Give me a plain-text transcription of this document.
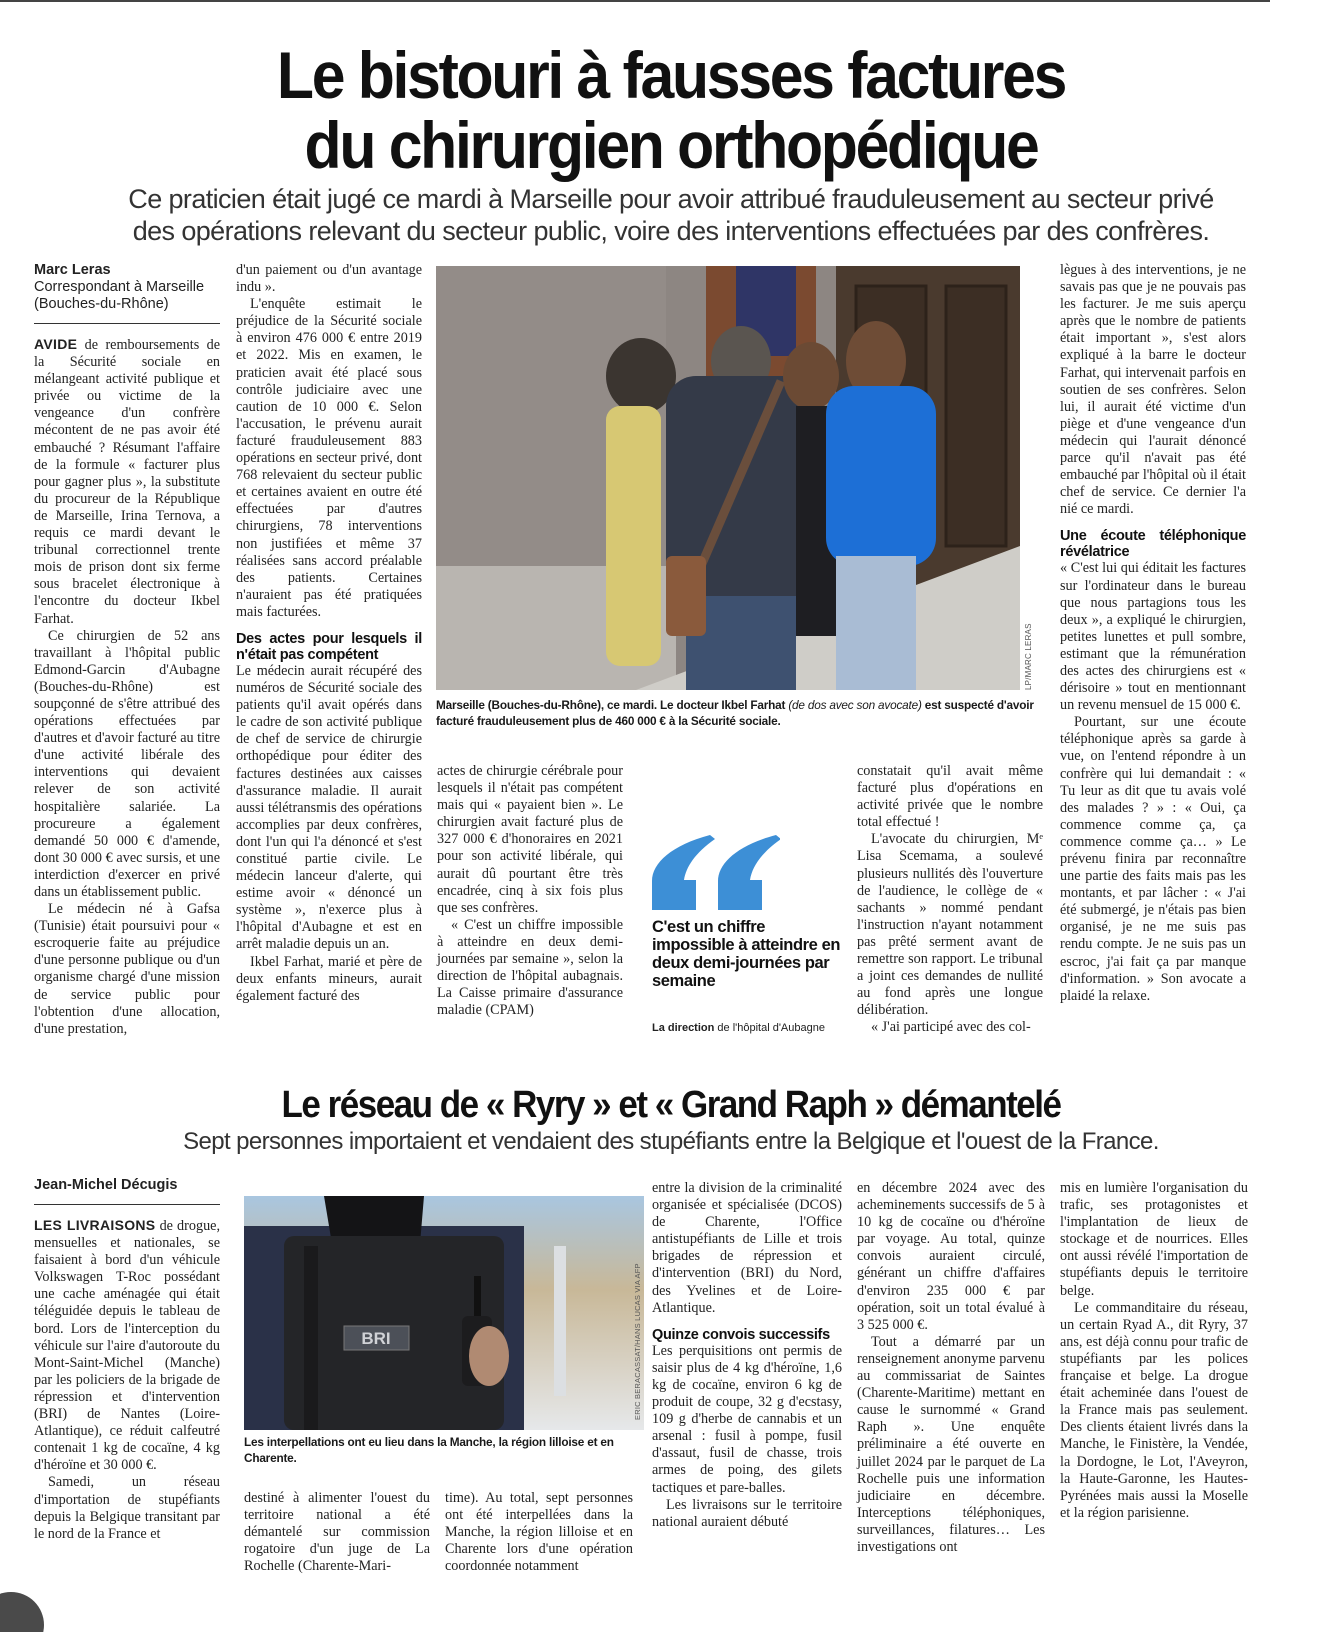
Le bistouri à fausses factures
du chirurgien orthopédique
Ce praticien était jugé ce mardi à Marseille pour avoir attribué frauduleusement au secteur privé
des opérations relevant du secteur public, voire des interventions effectuées par des confrères.
Marc Leras
Correspondant à Marseille
(Bouches-du-Rhône)

AVIDE de remboursements de la Sécurité sociale en mélangeant activité publique et privée ou victime de la vengeance d'un confrère mécontent de ne pas avoir été embauché ? Résumant l'affaire de la formule « facturer plus pour gagner plus », la substitute du procureur de la République de Marseille, Irina Ternova, a requis ce mardi devant le tribunal correctionnel trente mois de prison dont six ferme sous bracelet électronique à l'encontre du docteur Ikbel Farhat.

Ce chirurgien de 52 ans travaillant à l'hôpital public Edmond-Garcin d'Aubagne (Bouches-du-Rhône) est soupçonné de s'être attribué des opérations effectuées par d'autres et d'avoir facturé au titre d'une activité libérale des interventions qui devaient relever de son activité hospitalière salariée. La procureure a également demandé 50 000 € d'amende, dont 30 000 € avec sursis, et une interdiction d'exercer en privé dans un établissement public.

Le médecin né à Gafsa (Tunisie) était poursuivi pour « escroquerie faite au préjudice d'une personne publique ou d'un organisme chargé d'une mission de service public pour l'obtention d'une allocation, d'une prestation,

d'un paiement ou d'un avantage indu ».

L'enquête estimait le préjudice de la Sécurité sociale à environ 476 000 € entre 2019 et 2022. Mis en examen, le praticien avait été placé sous contrôle judiciaire avec une caution de 10 000 €. Selon l'accusation, le prévenu aurait facturé frauduleusement 883 opérations en secteur privé, dont 768 relevaient du secteur public et certaines avaient en outre été effectuées par d'autres chirurgiens, 78 interventions non justifiées et même 37 réalisées sans accord préalable des patients. Certaines n'auraient pas été pratiquées mais facturées.

Des actes pour lesquels il n'était pas compétent

Le médecin aurait récupéré des numéros de Sécurité sociale des patients qu'il avait opérés dans le cadre de son activité publique de chef de service de chirurgie orthopédique pour éditer des factures destinées aux caisses d'assurance maladie. Il aurait aussi télétransmis des opérations accomplies par deux confrères, dont l'un qui l'a dénoncé et s'est constitué partie civile. Le médecin lanceur d'alerte, qui estime avoir « dénoncé un système », n'exerce plus à l'hôpital d'Aubagne et est en arrêt maladie depuis un an.

Ikbel Farhat, marié et père de deux enfants mineurs, aurait également facturé des

LP/MARC LERAS
Marseille (Bouches-du-Rhône), ce mardi. Le docteur Ikbel Farhat (de dos avec son avocate) est suspecté d'avoir facturé frauduleusement plus de 460 000 € à la Sécurité sociale.

actes de chirurgie cérébrale pour lesquels il n'était pas compétent mais qui « payaient bien ». Le chirurgien avait facturé plus de 327 000 € d'honoraires en 2021 pour son activité libérale, qui aurait dû pourtant être très encadrée, cinq à six fois plus que ses confrères.

« C'est un chiffre impossible à atteindre en deux demi-journées par semaine », selon la direction de l'hôpital aubagnais. La Caisse primaire d'assurance maladie (CPAM)

C'est un chiffre impossible à atteindre en deux demi-journées par semaine
La direction de l'hôpital d'Aubagne

constatait qu'il avait même facturé plus d'opérations en activité privée que le nombre total effectué !

L'avocate du chirurgien, Mᵉ Lisa Scemama, a soulevé plusieurs nullités dès l'ouverture de l'audience, le collège de « sachants » nommé pendant l'instruction n'ayant notamment pas prêté serment avant de remettre son rapport. Le tribunal a joint ces demandes de nullité au fond après une longue délibération.

« J'ai participé avec des col-

lègues à des interventions, je ne savais pas que je ne pouvais pas les facturer. Je me suis aperçu après que le nombre de patients était important », s'est alors expliqué à la barre le docteur Farhat, qui intervenait parfois en soutien de ses confrères. Selon lui, il aurait été victime d'un piège et d'une vengeance d'un médecin qui l'aurait dénoncé parce qu'il n'avait pas été embauché par l'hôpital où il était chef de service. Ce dernier l'a nié ce mardi.

Une écoute téléphonique révélatrice

« C'est lui qui éditait les factures sur l'ordinateur dans le bureau que nous partagions tous les deux », a expliqué le chirurgien, petites lunettes et pull sombre, estimant que la rémunération des actes des chirurgiens est « dérisoire » tout en mentionnant un revenu mensuel de 15 000 €.

Pourtant, sur une écoute téléphonique après sa garde à vue, on l'entend répondre à un confrère qui lui demandait : « Tu leur as dit que tu avais volé des malades ? » : « Oui, ça commence comme ça, ça commence comme ça… » Le prévenu finira par reconnaître une partie des faits mais pas les montants, et par lâcher : « J'ai été submergé, je n'étais pas bien organisé, je ne me suis pas rendu compte. Je ne suis pas un escroc, j'ai fait ça par manque d'information. » Son avocate a plaidé la relaxe.

Le réseau de « Ryry » et « Grand Raph » démantelé
Sept personnes importaient et vendaient des stupéfiants entre la Belgique et l'ouest de la France.
Jean-Michel Décugis

LES LIVRAISONS de drogue, mensuelles et nationales, se faisaient à bord d'un véhicule Volkswagen T-Roc possédant une cache aménagée qui était téléguidée depuis le tableau de bord. Lors de l'interception du véhicule sur l'aire d'autoroute du Mont-Saint-Michel (Manche) par les policiers de la brigade de répression et d'intervention (BRI) de Nantes (Loire-Atlantique), ce réduit calfeutré contenait 1 kg de cocaïne, 4 kg d'héroïne et 30 000 €.

Samedi, un réseau d'importation de stupéfiants depuis la Belgique transitant par le nord de la France et

BRI	ERIC BERACASSAT/HANS LUCAS VIA AFP
Les interpellations ont eu lieu dans la Manche, la région lilloise et en Charente.

destiné à alimenter l'ouest du territoire national a été démantelé sur commission rogatoire d'un juge de La Rochelle (Charente-Mari-

time). Au total, sept personnes ont été interpellées dans la Manche, la région lilloise et en Charente lors d'une opération coordonnée notamment

entre la division de la criminalité organisée et spécialisée (DCOS) de Charente, l'Office antistupéfiants de Lille et trois brigades de répression et d'intervention (BRI) du Nord, des Yvelines et de Loire-Atlantique.

Quinze convois successifs

Les perquisitions ont permis de saisir plus de 4 kg d'héroïne, 1,6 kg de cocaïne, environ 6 kg de produit de coupe, 32 g d'ecstasy, 109 g d'herbe de cannabis et un arsenal : fusil à pompe, fusil d'assaut, fusil de chasse, trois armes de poing, des gilets tactiques et pare-balles.

Les livraisons sur le territoire national auraient débuté

en décembre 2024 avec des acheminements successifs de 5 à 10 kg de cocaïne ou d'héroïne par voyage. Au total, quinze convois auraient circulé, générant un chiffre d'affaires d'environ 235 000 € par opération, soit un total évalué à 3 525 000 €.

Tout a démarré par un renseignement anonyme parvenu au commissariat de Saintes (Charente-Maritime) mettant en cause le surnommé « Grand Raph ». Une enquête préliminaire a été ouverte en juillet 2024 par le parquet de La Rochelle puis une information judiciaire en décembre. Interceptions téléphoniques, surveillances, filatures… Les investigations ont

mis en lumière l'organisation du trafic, ses protagonistes et l'implantation de lieux de stockage et de nourrices. Elles ont aussi révélé l'importation de stupéfiants depuis le territoire belge.

Le commanditaire du réseau, un certain Ryad A., dit Ryry, 37 ans, est déjà connu pour trafic de stupéfiants par les polices française et belge. La drogue était acheminée dans l'ouest de la France mais pas seulement. Des clients étaient livrés dans la Manche, le Finistère, la Vendée, la Dordogne, le Lot, l'Aveyron, la Haute-Garonne, les Hautes-Pyrénées mais aussi la Moselle et la région parisienne.
